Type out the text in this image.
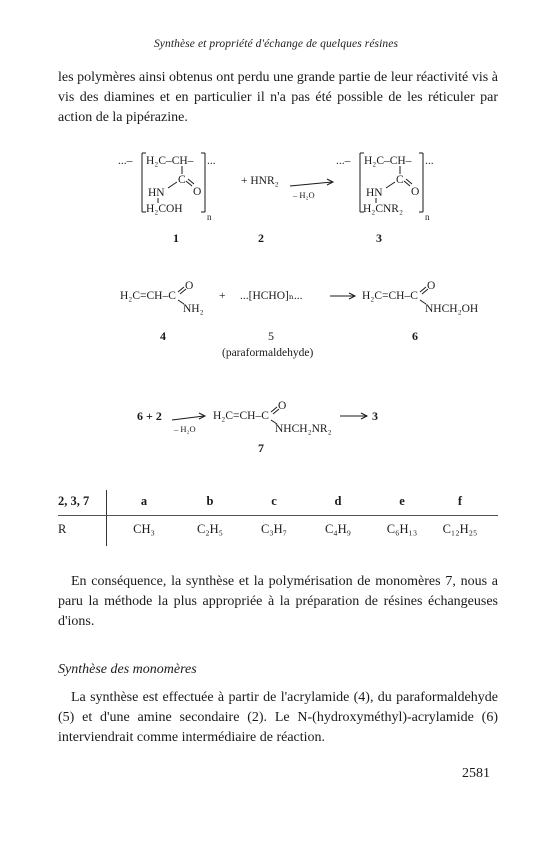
Synthèse et propriété d'échange de quelques résines

les polymères ainsi obtenus ont perdu une grande partie de leur réactivité vis à vis des diamines et en particulier il n'a pas été possible de les réticuler par action de la pipérazine.

...– H₂C–CH– ...
C
O
HN
H₂COH
n
+ HNR₂
– H₂O
...– H₂C–CH– ...
C
O
HN
H₂CNR₂
n
1	2	3
H₂C=CH–C
O
NH₂
+ ...[HCHO]ₙ...	H₂C=CH–C
O
NHCH₂OH
4	5	6
(paraformaldehyde)
6 + 2
– H₂O
H₂C=CH–C
O
NHCH₂NR₂
3
7
2, 3, 7	a	b	c	d	e	f
R	CH₃	C₂H₅	C₃H₇	C₄H₉	C₆H₁₃	C₁₂H₂₅

En conséquence, la synthèse et la polymérisation de monomères 7, nous a paru la méthode la plus appropriée à la préparation de résines échangeuses d'ions.

Synthèse des monomères

La synthèse est effectuée à partir de l'acrylamide (4), du paraformaldehyde (5) et d'une amine secondaire (2). Le N-(hydroxyméthyl)-acrylamide (6) interviendrait comme intermédiaire de réaction.

2581
